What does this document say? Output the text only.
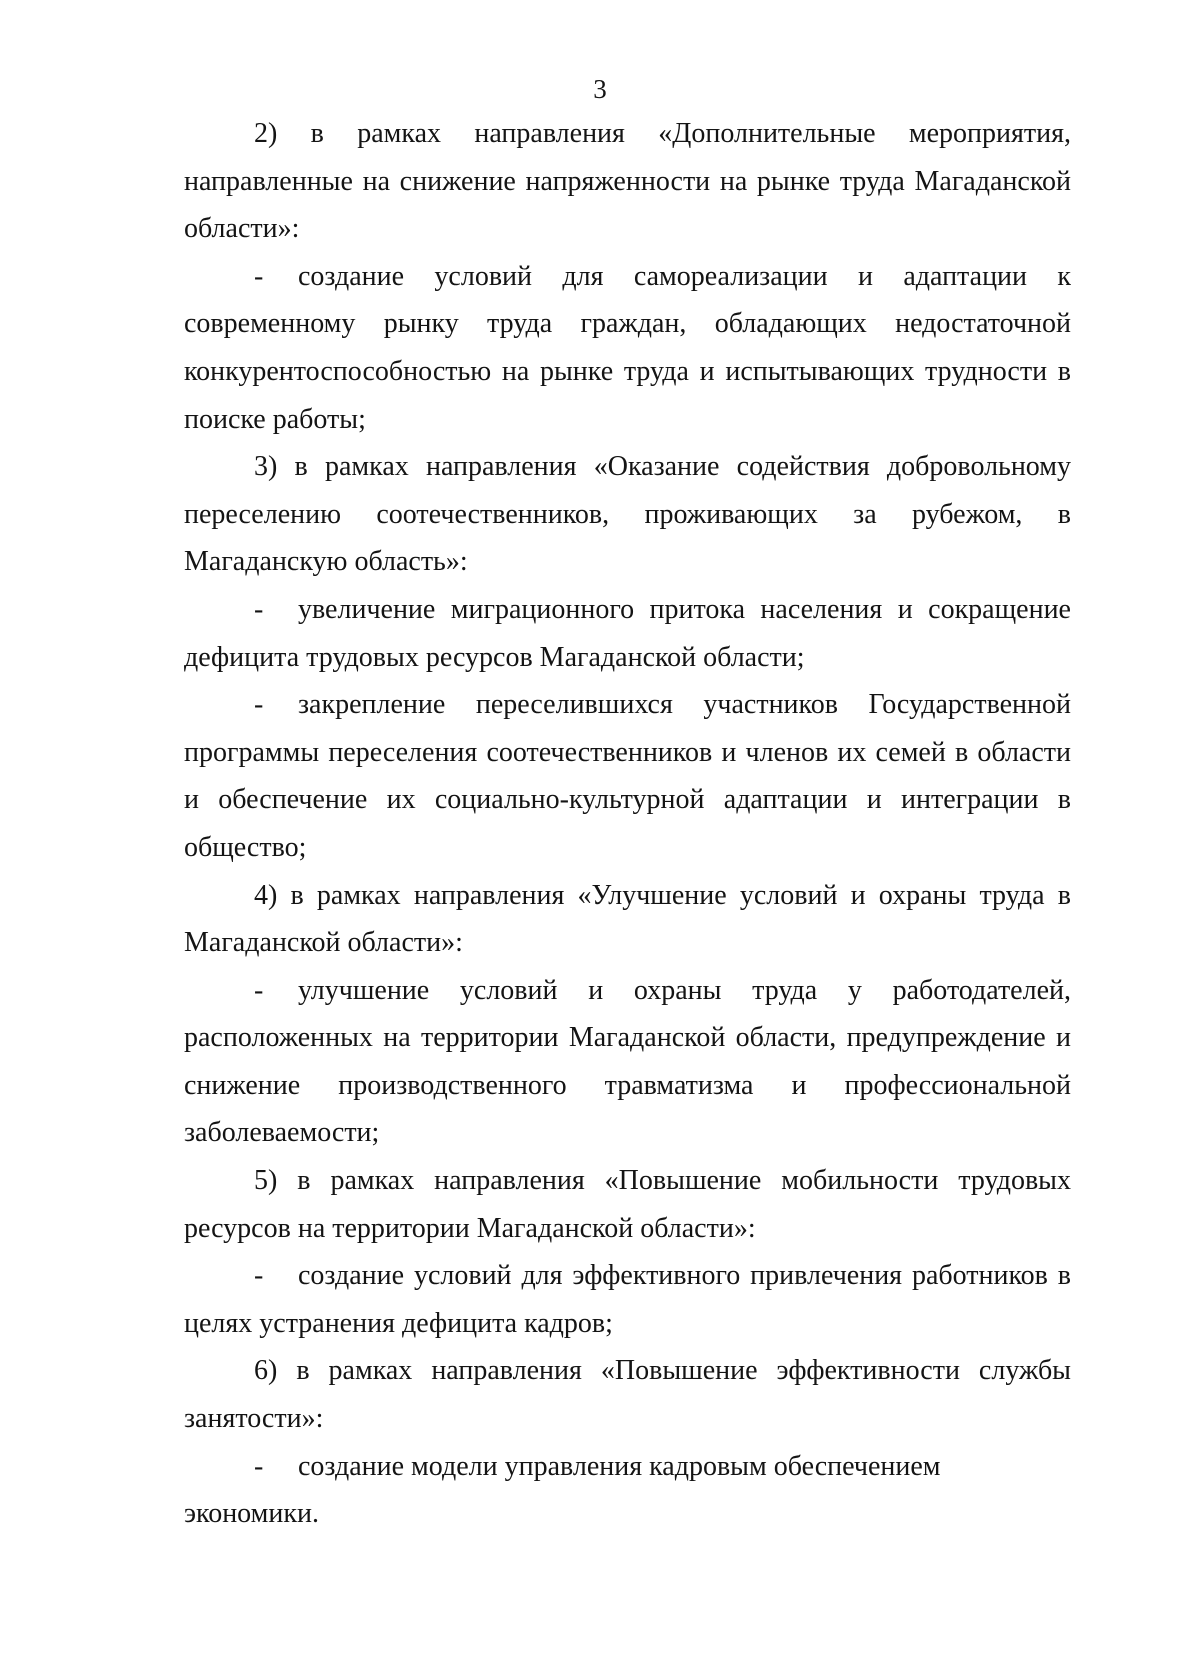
3

2) в рамках направления «Дополнительные мероприятия, направленные на снижение напряженности на рынке труда Магаданской области»:

- создание условий для самореализации и адаптации к современному рынку труда граждан, обладающих недостаточной конкурентоспособностью на рынке труда и испытывающих трудности в поиске работы;

3) в рамках направления «Оказание содействия добровольному переселению соотечественников, проживающих за рубежом, в Магаданскую область»:

- увеличение миграционного притока населения и сокращение дефицита трудовых ресурсов Магаданской области;

- закрепление переселившихся участников Государственной программы переселения соотечественников и членов их семей в области и обеспечение их социально-культурной адаптации и интеграции в общество;

4) в рамках направления «Улучшение условий и охраны труда в Магаданской области»:

- улучшение условий и охраны труда у работодателей, расположенных на территории Магаданской области, предупреждение и снижение производственного травматизма и профессиональной заболеваемости;

5) в рамках направления «Повышение мобильности трудовых ресурсов на территории Магаданской области»:

- создание условий для эффективного привлечения работников в целях устранения дефицита кадров;

6) в рамках направления «Повышение эффективности службы занятости»:

- создание модели управления кадровым обеспечением экономики.
